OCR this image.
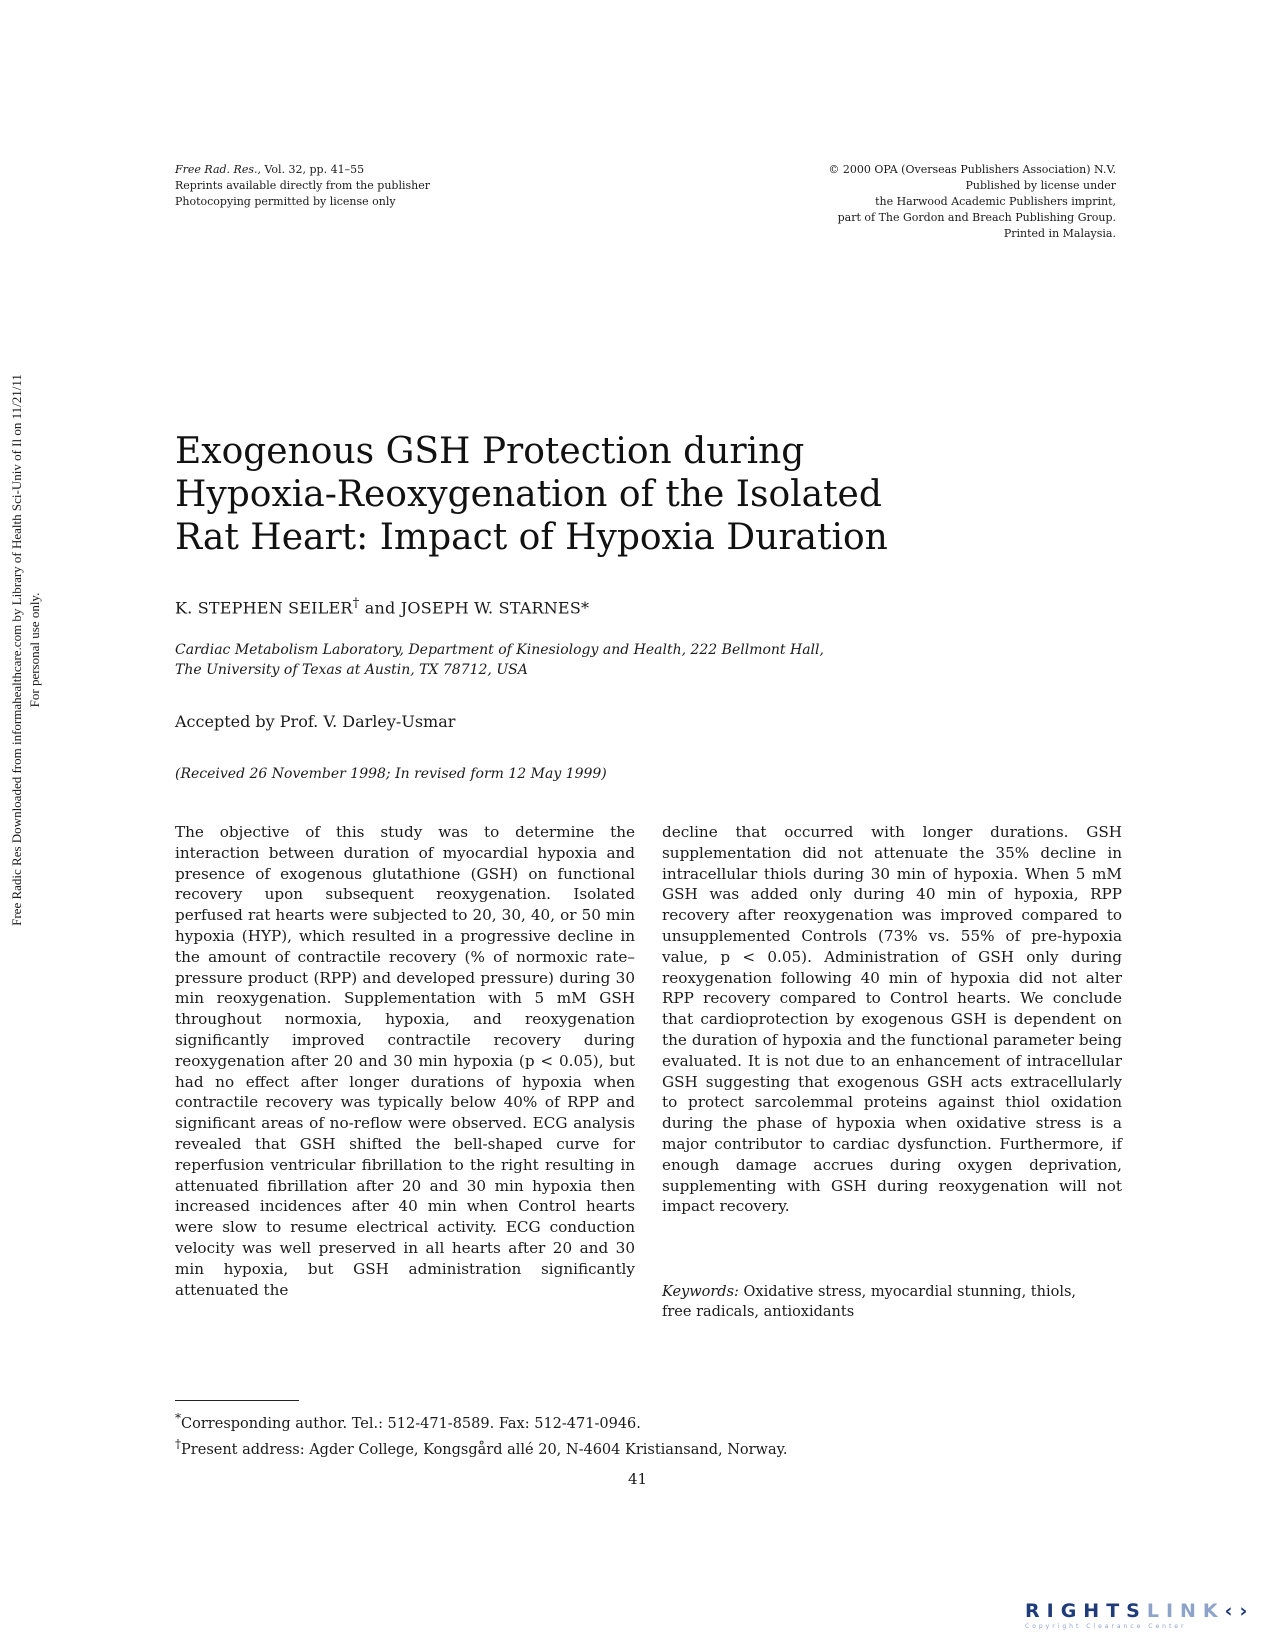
Free Rad. Res., Vol. 32, pp. 41–55
Reprints available directly from the publisher
Photocopying permitted by license only
© 2000 OPA (Overseas Publishers Association) N.V.
Published by license under
the Harwood Academic Publishers imprint,
part of The Gordon and Breach Publishing Group.
Printed in Malaysia.
Free Radic Res Downloaded from informahealthcare.com by Library of Health Sci-Univ of Il on 11/21/11 For personal use only.
Exogenous GSH Protection during
Hypoxia-Reoxygenation of the Isolated
Rat Heart: Impact of Hypoxia Duration
K. STEPHEN SEILER† and JOSEPH W. STARNES*
Cardiac Metabolism Laboratory, Department of Kinesiology and Health, 222 Bellmont Hall,
The University of Texas at Austin, TX 78712, USA
Accepted by Prof. V. Darley-Usmar
(Received 26 November 1998; In revised form 12 May 1999)

The objective of this study was to determine the interaction between duration of myocardial hypoxia and presence of exogenous glutathione (GSH) on functional recovery upon subsequent reoxygenation. Isolated perfused rat hearts were subjected to 20, 30, 40, or 50 min hypoxia (HYP), which resulted in a progressive decline in the amount of contractile recovery (% of normoxic rate–pressure product (RPP) and developed pressure) during 30 min reoxygenation. Supplementation with 5 mM GSH throughout normoxia, hypoxia, and reoxygenation significantly improved contractile recovery during reoxygenation after 20 and 30 min hypoxia (p < 0.05), but had no effect after longer durations of hypoxia when contractile recovery was typically below 40% of RPP and significant areas of no-reflow were observed. ECG analysis revealed that GSH shifted the bell-shaped curve for reperfusion ventricular fibrillation to the right resulting in attenuated fibrillation after 20 and 30 min hypoxia then increased incidences after 40 min when Control hearts were slow to resume electrical activity. ECG conduction velocity was well preserved in all hearts after 20 and 30 min hypoxia, but GSH administration significantly attenuated the

decline that occurred with longer durations. GSH supplementation did not attenuate the 35% decline in intracellular thiols during 30 min of hypoxia. When 5 mM GSH was added only during 40 min of hypoxia, RPP recovery after reoxygenation was improved compared to unsupplemented Controls (73% vs. 55% of pre-hypoxia value, p < 0.05). Administration of GSH only during reoxygenation following 40 min of hypoxia did not alter RPP recovery compared to Control hearts. We conclude that cardioprotection by exogenous GSH is dependent on the duration of hypoxia and the functional parameter being evaluated. It is not due to an enhancement of intracellular GSH suggesting that exogenous GSH acts extracellularly to protect sarcolemmal proteins against thiol oxidation during the phase of hypoxia when oxidative stress is a major contributor to cardiac dysfunction. Furthermore, if enough damage accrues during oxygen deprivation, supplementing with GSH during reoxygenation will not impact recovery.

Keywords: Oxidative stress, myocardial stunning, thiols,
free radicals, antioxidants
*Corresponding author. Tel.: 512-471-8589. Fax: 512-471-0946.
†Present address: Agder College, Kongsgård allé 20, N-4604 Kristiansand, Norway.
41
RIGHTSLINK‹›
Copyright Clearance Center
